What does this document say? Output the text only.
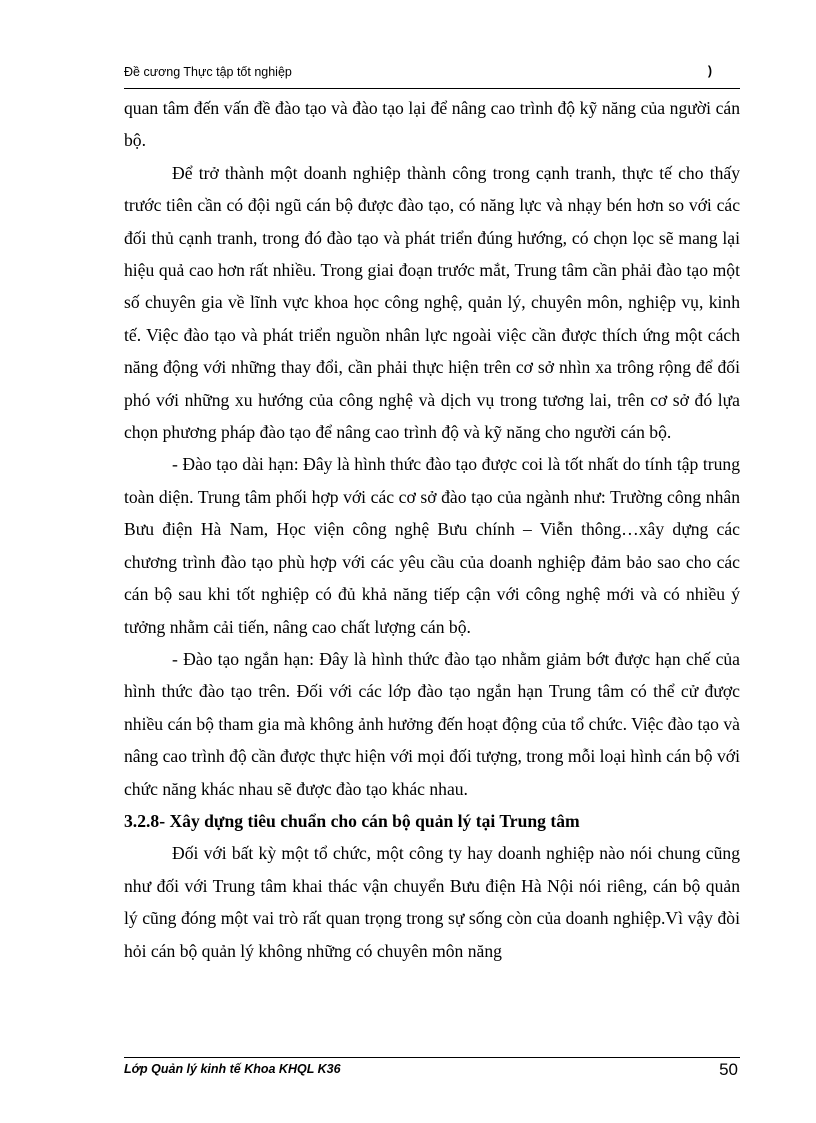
Đề cương Thực tập tốt nghiệp	)

quan tâm đến vấn đề đào tạo và đào tạo lại để nâng cao trình độ kỹ năng của người cán bộ.

Để trở thành một doanh nghiệp thành công trong cạnh tranh, thực tế cho thấy trước tiên cần có đội ngũ cán bộ được đào tạo, có năng lực và nhạy bén hơn so với các đối thủ cạnh tranh, trong đó đào tạo và phát triển đúng hướng, có chọn lọc sẽ mang lại hiệu quả cao hơn rất nhiều. Trong giai đoạn trước mắt, Trung tâm cần phải đào tạo một số chuyên gia về lĩnh vực khoa học công nghệ, quản lý, chuyên môn, nghiệp vụ, kinh tế. Việc đào tạo và phát triển nguồn nhân lực ngoài việc cần được thích ứng một cách năng động với những thay đổi, cần phải thực hiện trên cơ sở nhìn xa trông rộng để đối phó với những xu hướng của công nghệ và dịch vụ trong tương lai, trên cơ sở đó lựa chọn phương pháp đào tạo để nâng cao trình độ và kỹ năng cho người cán bộ.

- Đào tạo dài hạn: Đây là hình thức đào tạo được coi là tốt nhất do tính tập trung toàn diện. Trung tâm phối hợp với các cơ sở đào tạo của ngành như: Trường công nhân Bưu điện Hà Nam, Học viện công nghệ Bưu chính – Viễn thông…xây dựng các chương trình đào tạo phù hợp với các yêu cầu của doanh nghiệp đảm bảo sao cho các cán bộ sau khi tốt nghiệp có đủ khả năng tiếp cận với công nghệ mới và có nhiều ý tưởng nhằm cải tiến, nâng cao chất lượng cán bộ.

- Đào tạo ngắn hạn: Đây là hình thức đào tạo nhằm giảm bớt được hạn chế của hình thức đào tạo trên. Đối với các lớp đào tạo ngắn hạn Trung tâm có thể cử được nhiều cán bộ tham gia mà không ảnh hưởng đến hoạt động của tổ chức. Việc đào tạo và nâng cao trình độ cần được thực hiện với mọi đối tượng, trong mỗi loại hình cán bộ với chức năng khác nhau sẽ được đào tạo khác nhau.

3.2.8- Xây dựng tiêu chuẩn cho cán bộ quản lý tại Trung tâm

Đối với bất kỳ một tổ chức, một công ty hay doanh nghiệp nào nói chung cũng như đối với Trung tâm khai thác vận chuyển Bưu điện Hà Nội nói riêng, cán bộ quản lý cũng đóng một vai trò rất quan trọng trong sự sống còn của doanh nghiệp.Vì vậy đòi hỏi cán bộ quản lý không những có chuyên môn năng

Lớp Quản lý kinh tế Khoa KHQL K36	50
